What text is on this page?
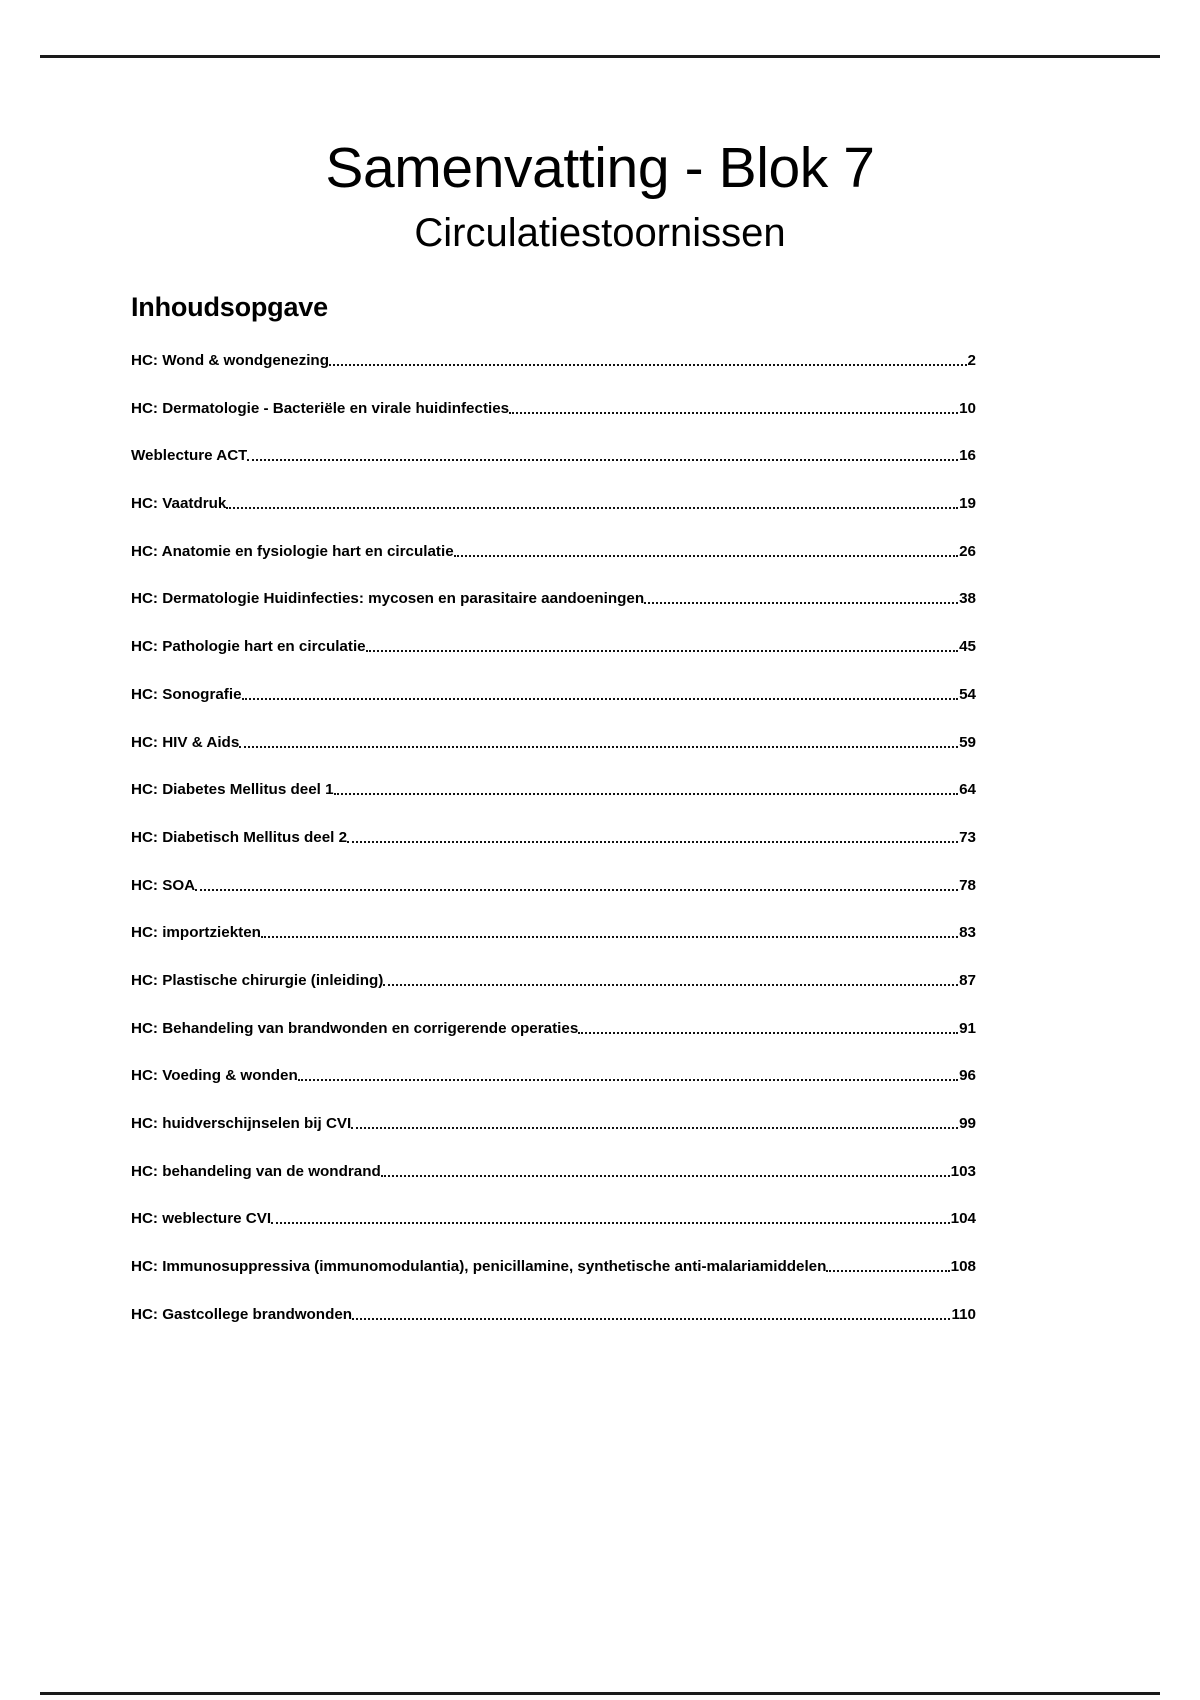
Samenvatting - Blok 7
Circulatiestoornissen
Inhoudsopgave
HC: Wond & wondgenezing	2
HC: Dermatologie - Bacteriële en virale huidinfecties	10
Weblecture ACT	16
HC: Vaatdruk	19
HC: Anatomie en fysiologie hart en circulatie	26
HC: Dermatologie Huidinfecties: mycosen en parasitaire aandoeningen	38
HC: Pathologie hart en circulatie	45
HC: Sonografie	54
HC: HIV & Aids	59
HC: Diabetes Mellitus deel 1	64
HC: Diabetisch Mellitus deel 2	73
HC: SOA	78
HC: importziekten	83
HC: Plastische chirurgie (inleiding)	87
HC: Behandeling van brandwonden en corrigerende operaties	91
HC: Voeding & wonden	96
HC: huidverschijnselen bij CVI	99
HC: behandeling van de wondrand	103
HC: weblecture CVI	104
HC: Immunosuppressiva (immunomodulantia), penicillamine, synthetische anti-malariamiddelen	108
HC: Gastcollege brandwonden	110
